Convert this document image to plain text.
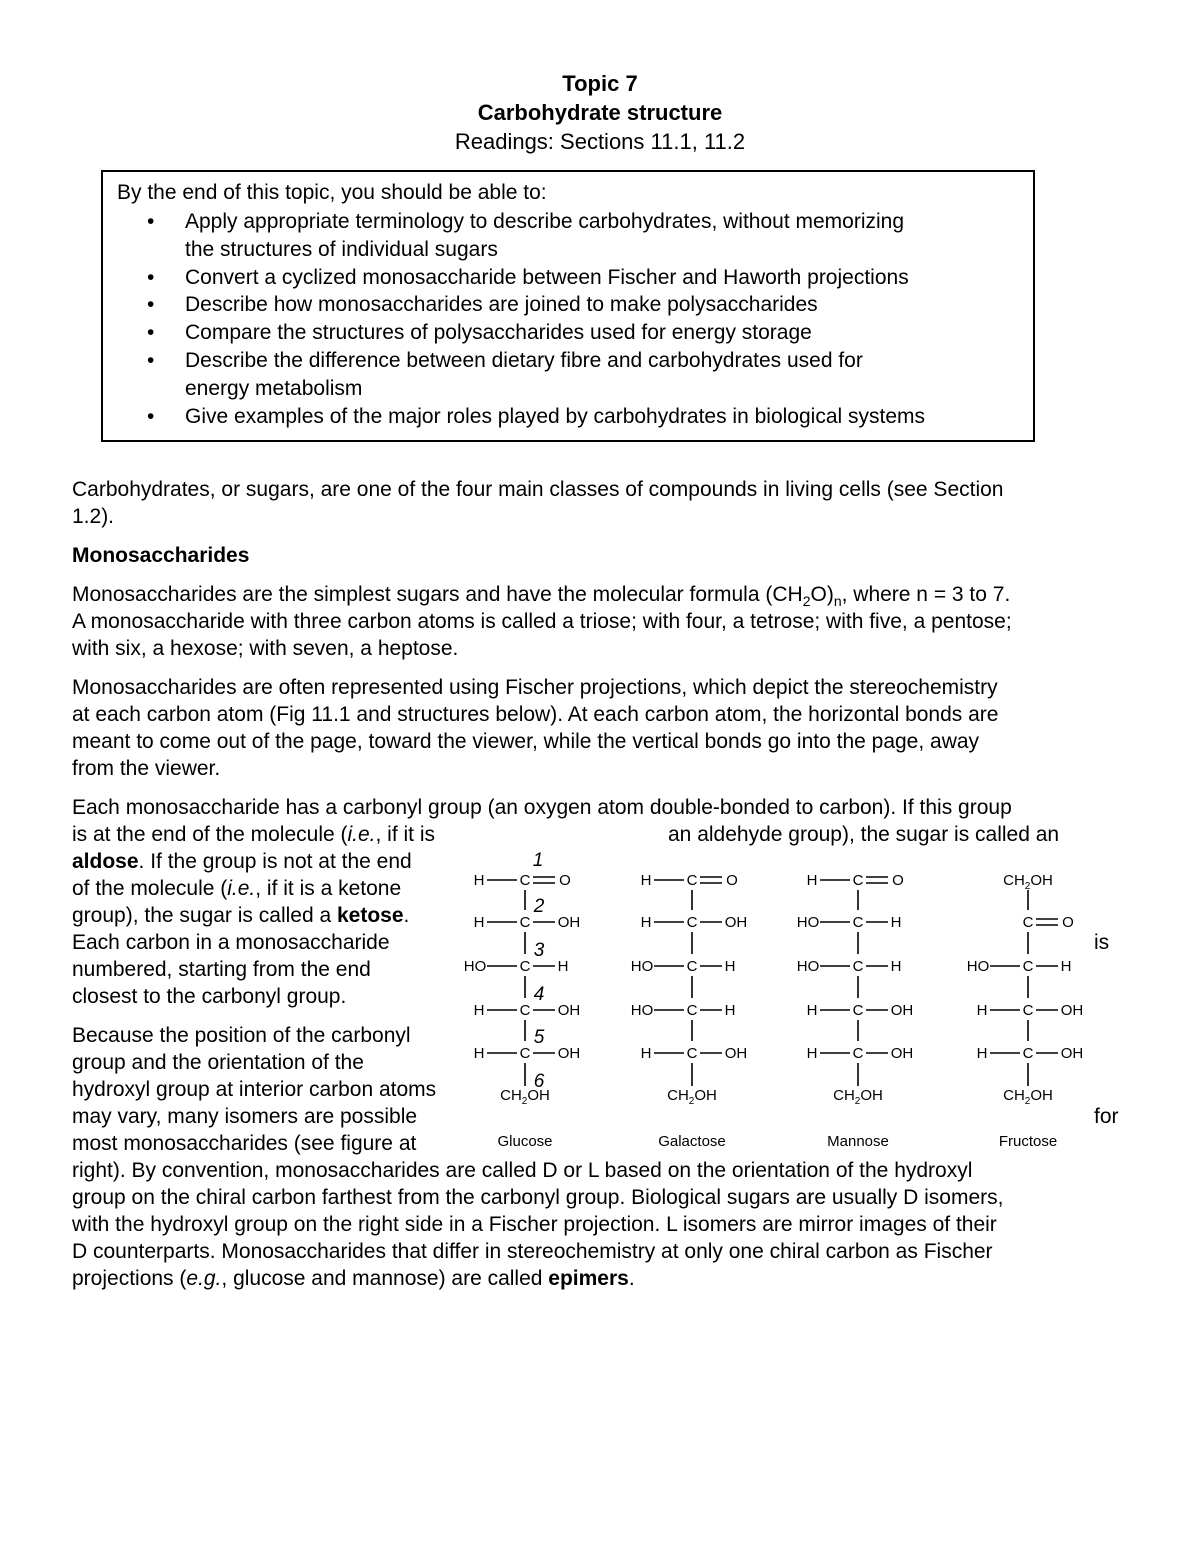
Topic 7
Carbohydrate structure
Readings: Sections 11.1, 11.2
By the end of this topic, you should be able to:
• Apply appropriate terminology to describe carbohydrates, without memorizing
the structures of individual sugars
• Convert a cyclized monosaccharide between Fischer and Haworth projections
• Describe how monosaccharides are joined to make polysaccharides
• Compare the structures of polysaccharides used for energy storage
• Describe the difference between dietary fibre and carbohydrates used for
energy metabolism
• Give examples of the major roles played by carbohydrates in biological systems
Carbohydrates, or sugars, are one of the four main classes of compounds in living cells (see Section
1.2).
Monosaccharides
Monosaccharides are the simplest sugars and have the molecular formula $(CH_2O)_n$, where n = 3 to 7.
A monosaccharide with three carbon atoms is called a triose; with four, a tetrose; with five, a pentose;
with six, a hexose; with seven, a heptose.
Monosaccharides are often represented using Fischer projections, which depict the stereochemistry
at each carbon atom (Fig 11.1 and structures below). At each carbon atom, the horizontal bonds are
meant to come out of the page, toward the viewer, while the vertical bonds go into the page, away
from the viewer.
Each monosaccharide has a carbonyl group (an oxygen atom double-bonded to carbon). If this group
is at the end of the molecule (i.e., if it is	an aldehyde group), the sugar is called an
aldose. If the group is not at the end
of the molecule (i.e., if it is a ketone
group), the sugar is called a ketose.
Each carbon in a monosaccharide	is
numbered, starting from the end
closest to the carbonyl group.
Because the position of the carbonyl
group and the orientation of the
hydroxyl group at interior carbon atoms
may vary, many isomers are possible	for
most monosaccharides (see figure at
right). By convention, monosaccharides are called D or L based on the orientation of the hydroxyl
group on the chiral carbon farthest from the carbonyl group. Biological sugars are usually D isomers,
with the hydroxyl group on the right side in a Fischer projection. L isomers are mirror images of their
D counterparts. Monosaccharides that differ in stereochemistry at only one chiral carbon as Fischer
projections (e.g., glucose and mannose) are called epimers.
H C O
C
H	OH
C
HO	H
C
H	OH
C
H	OH
$CH_2OH$
Glucose
H C O
C
H	OH
C
HO	H
C
HO	H
C
H	OH
$CH_2OH$
Galactose
H C O
C
HO	H
C
HO	H
C
H	OH
C
H	OH
$CH_2OH$
Mannose
$CH_2OH$
C O
C
HO	H
C
H	OH
C
H	OH
$CH_2OH$
Fructose
1
2
3
4
5
6
